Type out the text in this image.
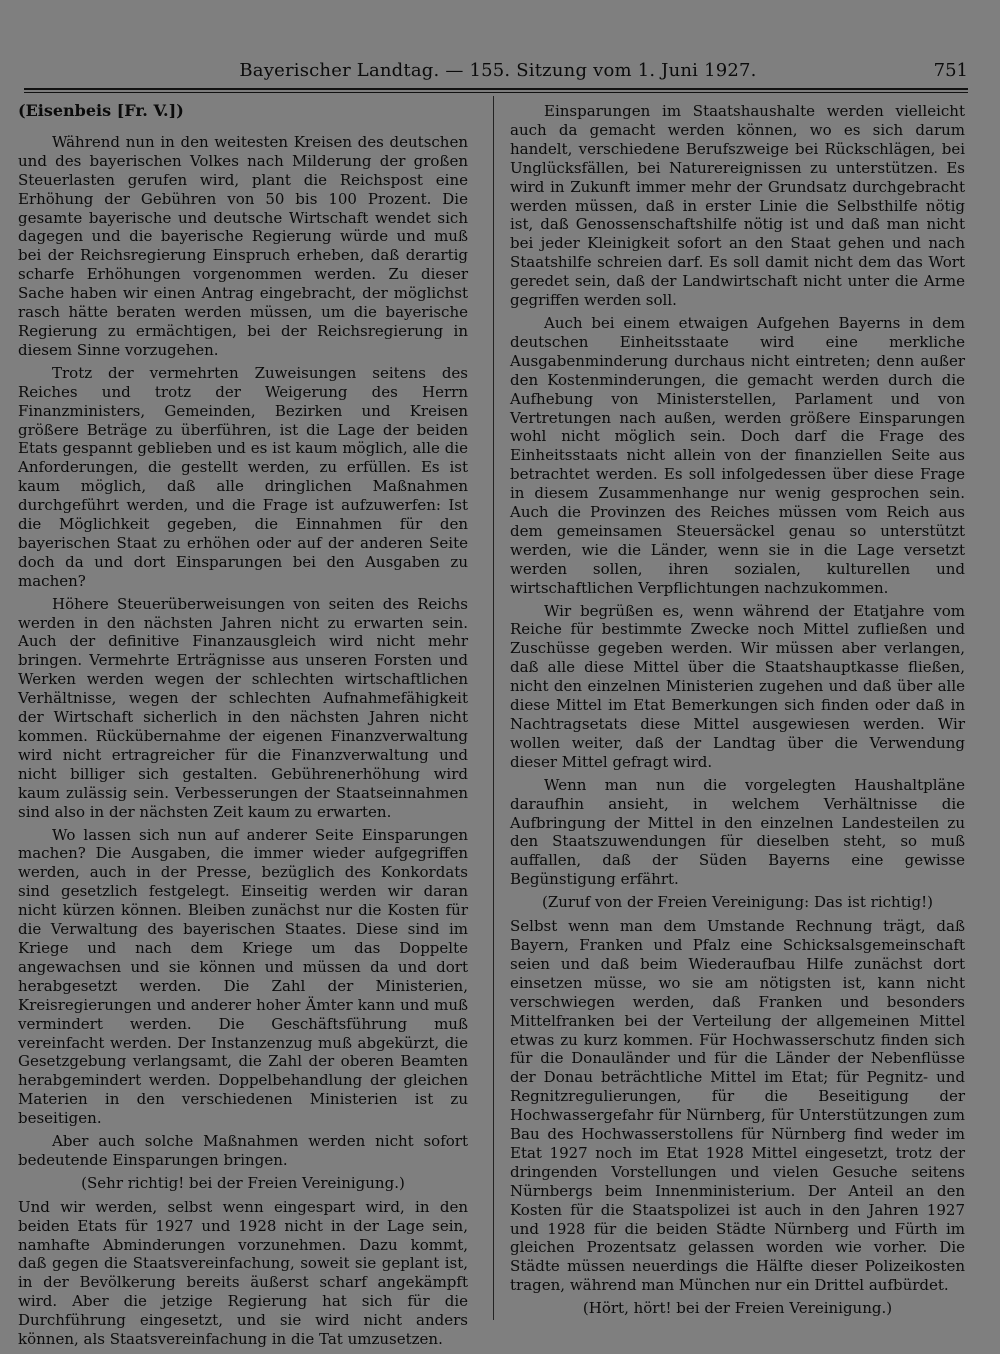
Bayerischer Landtag. — 155. Sitzung vom 1. Juni 1927.	751
(Eisenbeis [Fr. V.])

Während nun in den weitesten Kreisen des deutschen und des bayerischen Volkes nach Milderung der großen Steuerlasten gerufen wird, plant die Reichspost eine Erhöhung der Gebühren von 50 bis 100 Prozent. Die gesamte bayerische und deutsche Wirtschaft wendet sich dagegen und die bayerische Regierung würde und muß bei der Reichsregierung Einspruch erheben, daß derartig scharfe Erhöhungen vorgenommen werden. Zu dieser Sache haben wir einen Antrag eingebracht, der möglichst rasch hätte beraten werden müssen, um die bayerische Regierung zu ermächtigen, bei der Reichsregierung in diesem Sinne vorzugehen.

Trotz der vermehrten Zuweisungen seitens des Reiches und trotz der Weigerung des Herrn Finanzministers, Gemeinden, Bezirken und Kreisen größere Beträge zu überführen, ist die Lage der beiden Etats gespannt geblieben und es ist kaum möglich, alle die Anforderungen, die gestellt werden, zu erfüllen. Es ist kaum möglich, daß alle dringlichen Maßnahmen durchgeführt werden, und die Frage ist aufzuwerfen: Ist die Möglichkeit gegeben, die Einnahmen für den bayerischen Staat zu erhöhen oder auf der anderen Seite doch da und dort Einsparungen bei den Ausgaben zu machen?

Höhere Steuerüberweisungen von seiten des Reichs werden in den nächsten Jahren nicht zu erwarten sein. Auch der definitive Finanzausgleich wird nicht mehr bringen. Vermehrte Erträgnisse aus unseren Forsten und Werken werden wegen der schlechten wirtschaftlichen Verhältnisse, wegen der schlechten Aufnahmefähigkeit der Wirtschaft sicherlich in den nächsten Jahren nicht kommen. Rückübernahme der eigenen Finanzverwaltung wird nicht ertragreicher für die Finanzverwaltung und nicht billiger sich gestalten. Gebührenerhöhung wird kaum zulässig sein. Verbesserungen der Staatseinnahmen sind also in der nächsten Zeit kaum zu erwarten.

Wo lassen sich nun auf anderer Seite Einsparungen machen? Die Ausgaben, die immer wieder aufgegriffen werden, auch in der Presse, bezüglich des Konkordats sind gesetzlich festgelegt. Einseitig werden wir daran nicht kürzen können. Bleiben zunächst nur die Kosten für die Verwaltung des bayerischen Staates. Diese sind im Kriege und nach dem Kriege um das Doppelte angewachsen und sie können und müssen da und dort herabgesetzt werden. Die Zahl der Ministerien, Kreisregierungen und anderer hoher Ämter kann und muß vermindert werden. Die Geschäftsführung muß vereinfacht werden. Der Instanzenzug muß abgekürzt, die Gesetzgebung verlangsamt, die Zahl der oberen Beamten herabgemindert werden. Doppelbehandlung der gleichen Materien in den verschiedenen Ministerien ist zu beseitigen.

Aber auch solche Maßnahmen werden nicht sofort bedeutende Einsparungen bringen.

(Sehr richtig! bei der Freien Vereinigung.)

Und wir werden, selbst wenn eingespart wird, in den beiden Etats für 1927 und 1928 nicht in der Lage sein, namhafte Abminderungen vorzunehmen. Dazu kommt, daß gegen die Staatsvereinfachung, soweit sie geplant ist, in der Bevölkerung bereits äußerst scharf angekämpft wird. Aber die jetzige Regierung hat sich für die Durchführung eingesetzt, und sie wird nicht anders können, als Staatsvereinfachung in die Tat umzusetzen.

Einsparungen im Staatshaushalte werden vielleicht auch da gemacht werden können, wo es sich darum handelt, verschiedene Berufszweige bei Rückschlägen, bei Unglücksfällen, bei Naturereignissen zu unterstützen. Es wird in Zukunft immer mehr der Grundsatz durchgebracht werden müssen, daß in erster Linie die Selbsthilfe nötig ist, daß Genossenschaftshilfe nötig ist und daß man nicht bei jeder Kleinigkeit sofort an den Staat gehen und nach Staatshilfe schreien darf. Es soll damit nicht dem das Wort geredet sein, daß der Landwirtschaft nicht unter die Arme gegriffen werden soll.

Auch bei einem etwaigen Aufgehen Bayerns in dem deutschen Einheitsstaate wird eine merkliche Ausgabenminderung durchaus nicht eintreten; denn außer den Kostenminderungen, die gemacht werden durch die Aufhebung von Ministerstellen, Parlament und von Vertretungen nach außen, werden größere Einsparungen wohl nicht möglich sein. Doch darf die Frage des Einheitsstaats nicht allein von der finanziellen Seite aus betrachtet werden. Es soll infolgedessen über diese Frage in diesem Zusammenhange nur wenig gesprochen sein. Auch die Provinzen des Reiches müssen vom Reich aus dem gemeinsamen Steuersäckel genau so unterstützt werden, wie die Länder, wenn sie in die Lage versetzt werden sollen, ihren sozialen, kulturellen und wirtschaftlichen Verpflichtungen nachzukommen.

Wir begrüßen es, wenn während der Etatjahre vom Reiche für bestimmte Zwecke noch Mittel zufließen und Zuschüsse gegeben werden. Wir müssen aber verlangen, daß alle diese Mittel über die Staatshauptkasse fließen, nicht den einzelnen Ministerien zugehen und daß über alle diese Mittel im Etat Bemerkungen sich finden oder daß in Nachtragsetats diese Mittel ausgewiesen werden. Wir wollen weiter, daß der Landtag über die Verwendung dieser Mittel gefragt wird.

Wenn man nun die vorgelegten Haushaltpläne daraufhin ansieht, in welchem Verhältnisse die Aufbringung der Mittel in den einzelnen Landesteilen zu den Staatszuwendungen für dieselben steht, so muß auffallen, daß der Süden Bayerns eine gewisse Begünstigung erfährt.

(Zuruf von der Freien Vereinigung: Das ist richtig!)

Selbst wenn man dem Umstande Rechnung trägt, daß Bayern, Franken und Pfalz eine Schicksalsgemeinschaft seien und daß beim Wiederaufbau Hilfe zunächst dort einsetzen müsse, wo sie am nötigsten ist, kann nicht verschwiegen werden, daß Franken und besonders Mittelfranken bei der Verteilung der allgemeinen Mittel etwas zu kurz kommen. Für Hochwasserschutz finden sich für die Donauländer und für die Länder der Nebenflüsse der Donau beträchtliche Mittel im Etat; für Pegnitz- und Regnitzregulierungen, für die Beseitigung der Hochwassergefahr für Nürnberg, für Unterstützungen zum Bau des Hochwasserstollens für Nürnberg find weder im Etat 1927 noch im Etat 1928 Mittel eingesetzt, trotz der dringenden Vorstellungen und vielen Gesuche seitens Nürnbergs beim Innenministerium. Der Anteil an den Kosten für die Staatspolizei ist auch in den Jahren 1927 und 1928 für die beiden Städte Nürnberg und Fürth im gleichen Prozentsatz gelassen worden wie vorher. Die Städte müssen neuerdings die Hälfte dieser Polizeikosten tragen, während man München nur ein Drittel aufbürdet.

(Hört, hört! bei der Freien Vereinigung.)
